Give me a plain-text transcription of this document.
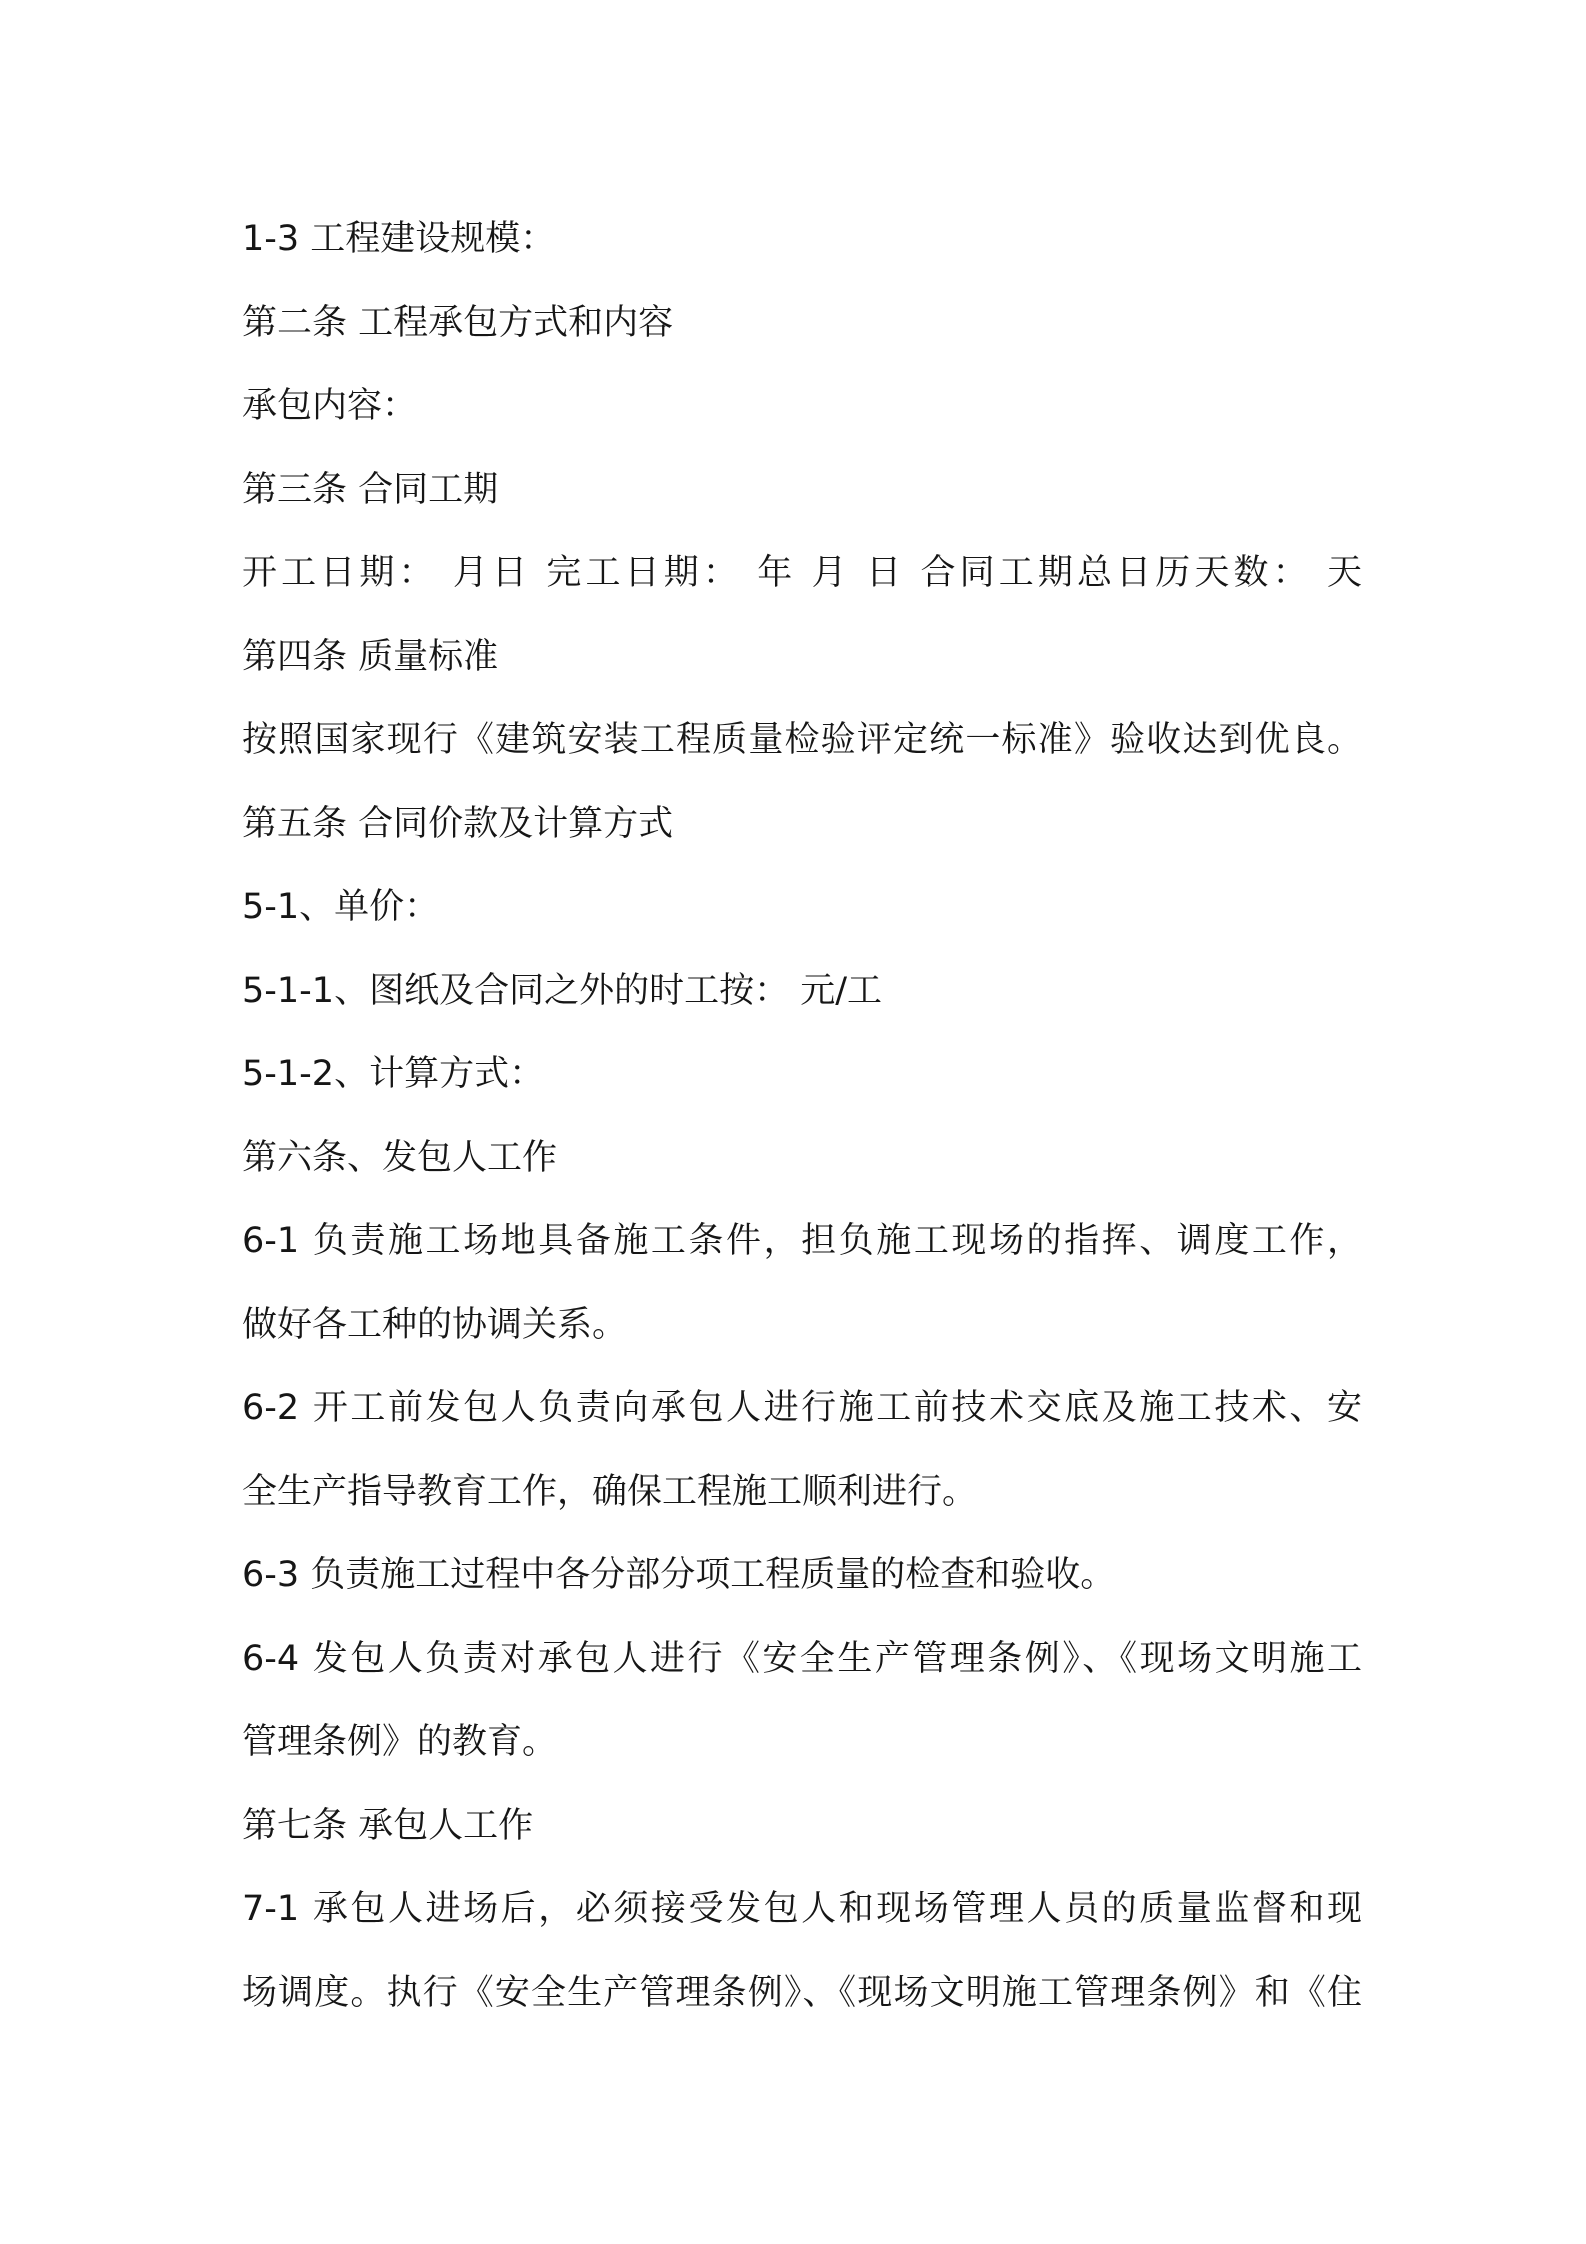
1-3 工程建设规模：

第二条 工程承包方式和内容

承包内容：

第三条 合同工期

开工日期： 月日 完工日期： 年 月 日 合同工期总日历天数： 天

第四条 质量标准

按照国家现行《建筑安装工程质量检验评定统一标准》验收达到优良。

第五条 合同价款及计算方式

5-1、单价：

5-1-1、图纸及合同之外的时工按： 元/工

5-1-2、计算方式：

第六条、发包人工作

6-1 负责施工场地具备施工条件，担负施工现场的指挥、调度工作，

做好各工种的协调关系。

6-2 开工前发包人负责向承包人进行施工前技术交底及施工技术、安

全生产指导教育工作，确保工程施工顺利进行。

6-3 负责施工过程中各分部分项工程质量的检查和验收。

6-4 发包人负责对承包人进行《安全生产管理条例》、《现场文明施工

管理条例》的教育。

第七条 承包人工作

7-1 承包人进场后，必须接受发包人和现场管理人员的质量监督和现

场调度。执行《安全生产管理条例》、《现场文明施工管理条例》和《住
